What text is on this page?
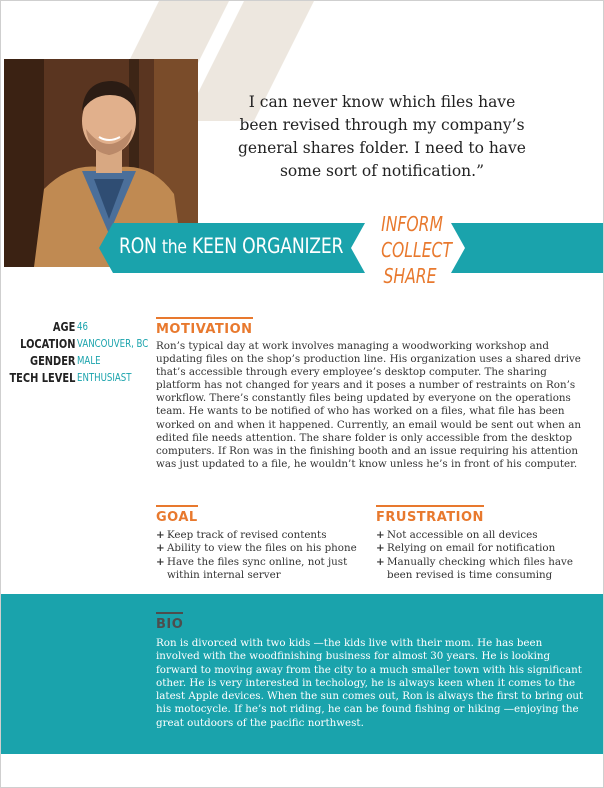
I can never know which files have been revised through my company’s general shares folder. I need to have some sort of notification.”
RON the KEEN ORGANIZER
INFORM
COLLECT
SHARE
AGE 46
LOCATION VANCOUVER, BC
GENDER MALE
TECH LEVEL ENTHUSIAST
MOTIVATION
Ron’s typical day at work involves managing a woodworking workshop and updating files on the shop’s production line. His organization uses a shared drive that’s accessible through every employee’s desktop computer. The sharing platform has not changed for years and it poses a number of restraints on Ron’s workflow. There’s constantly files being updated by everyone on the operations team. He wants to be notified of who has worked on a files, what file has been worked on and when it happened. Currently, an email would be sent out when an edited file needs attention. The share folder is only accessible from the desktop computers. If Ron was in the finishing booth and an issue requiring his attention was just updated to a file, he wouldn’t know unless he’s in front of his computer.
GOAL
+ Keep track of revised contents
+ Ability to view the files on his phone
+ Have the files sync online, not just within internal server
FRUSTRATION
+ Not accessible on all devices
+ Relying on email for notification
+ Manually checking which files have been revised is time consuming
BIO
Ron is divorced with two kids —the kids live with their mom. He has been involved with the woodfinishing business for almost 30 years. He is looking forward to moving away from the city to a much smaller town with his significant other. He is very interested in techology, he is always keen when it comes to the latest Apple devices. When the sun comes out, Ron is always the first to bring out his motocycle. If he’s not riding, he can be found fishing or hiking —enjoying the great outdoors of the pacific northwest.
